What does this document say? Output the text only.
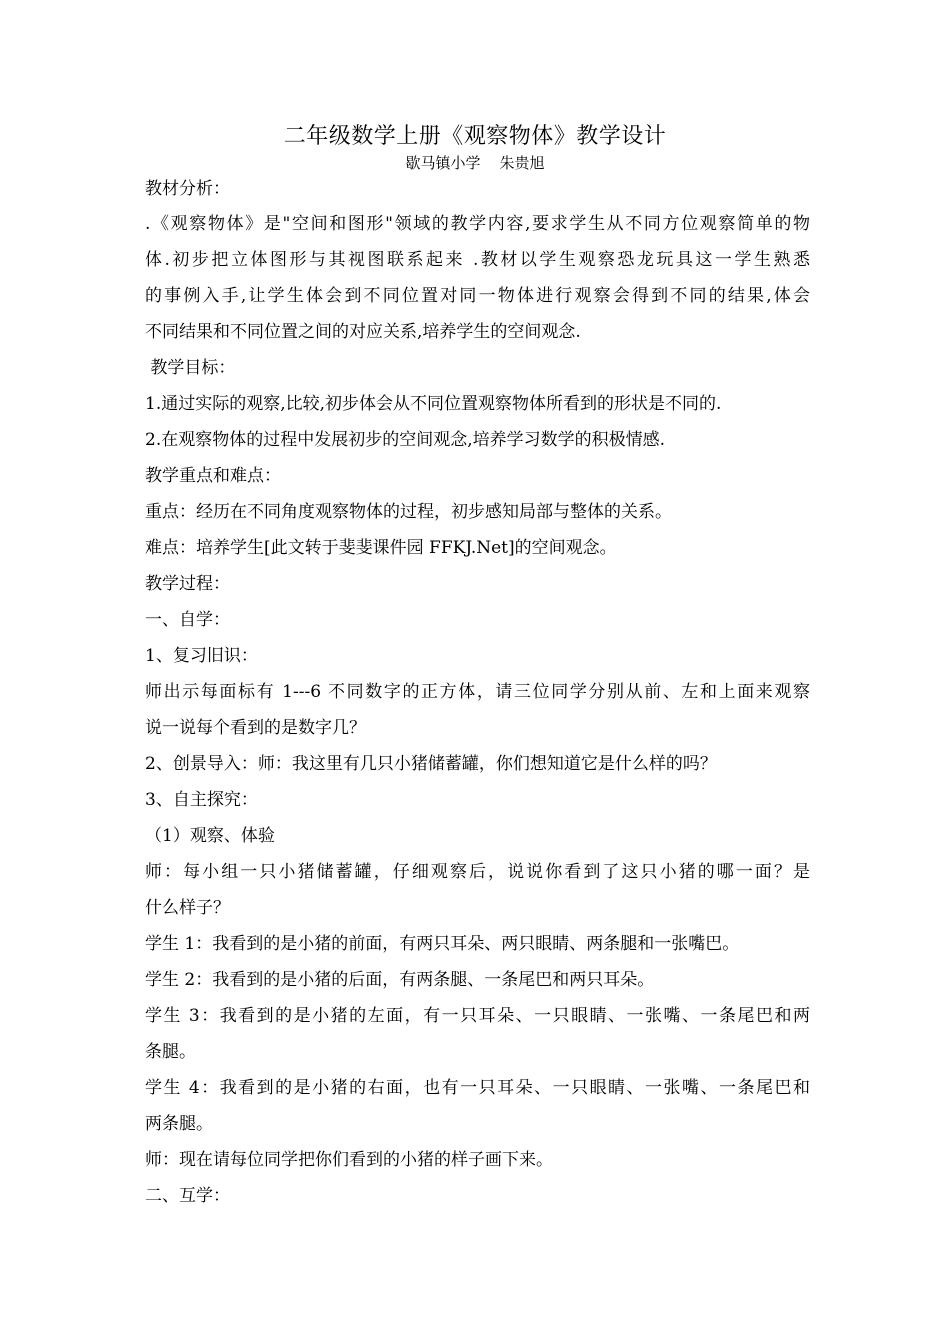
二年级数学上册《观察物体》教学设计
歇马镇小学    朱贵旭
教材分析：
.《观察物体》是"空间和图形"领域的教学内容,要求学生从不同方位观察简单的物
体.初步把立体图形与其视图联系起来 .教材以学生观察恐龙玩具这一学生熟悉
的事例入手,让学生体会到不同位置对同一物体进行观察会得到不同的结果,体会
不同结果和不同位置之间的对应关系,培养学生的空间观念.
教学目标：
1.通过实际的观察,比较,初步体会从不同位置观察物体所看到的形状是不同的.
2.在观察物体的过程中发展初步的空间观念,培养学习数学的积极情感.
教学重点和难点：
重点：经历在不同角度观察物体的过程，初步感知局部与整体的关系。
难点：培养学生[此文转于斐斐课件园 FFKJ.Net]的空间观念。
教学过程：
一、自学：
1、复习旧识：
师出示每面标有 1---6 不同数字的正方体，请三位同学分别从前、左和上面来观察
说一说每个看到的是数字几？
2、创景导入：师：我这里有几只小猪储蓄罐，你们想知道它是什么样的吗？
3、自主探究：
（1）观察、体验
师：每小组一只小猪储蓄罐，仔细观察后，说说你看到了这只小猪的哪一面？是
什么样子？
学生 1：我看到的是小猪的前面，有两只耳朵、两只眼睛、两条腿和一张嘴巴。
学生 2：我看到的是小猪的后面，有两条腿、一条尾巴和两只耳朵。
学生 3：我看到的是小猪的左面，有一只耳朵、一只眼睛、一张嘴、一条尾巴和两
条腿。
学生 4：我看到的是小猪的右面，也有一只耳朵、一只眼睛、一张嘴、一条尾巴和
两条腿。
师：现在请每位同学把你们看到的小猪的样子画下来。
二、互学：
